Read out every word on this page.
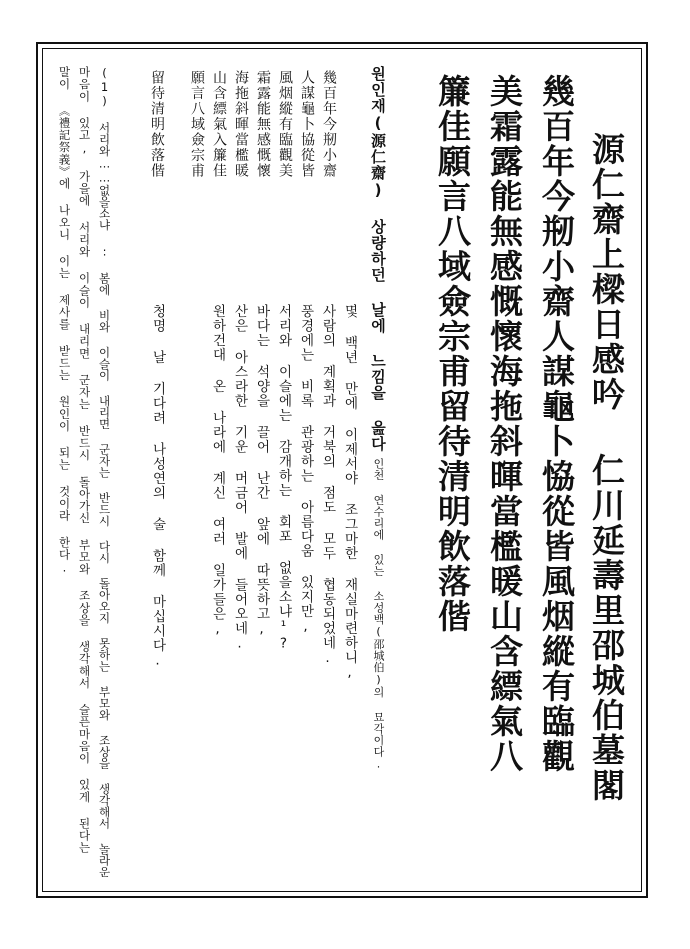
源仁齋上樑日感吟 仁川延壽里邵城伯墓閣
幾百年今剏小齋人謀龜卜恊從皆風烟縱有臨觀
美霜露能無感慨懷海拖斜暉當檻暖山含縹氣八
簾佳願言八域僉宗甫留待清明飲落偕
원인재(源仁齋) 상량하던 날에 느낌을 읊다인천 연수리에 있는 소성백(邵城伯)의 묘각이다.
몇 백년 만에 이제서야 조그마한 재실마련하니,
사람의 계획과 거북의 점도 모두 협동되었네.
풍경에는 비록 관광하는 아름다움 있지만,
서리와 이슬에는 감개하는 회포 없을소냐¹?
바다는 석양을 끌어 난간 앞에 따뜻하고,
산은 아스라한 기운 머금어 발에 들어오네.
원하건대 온 나라에 계신 여러 일가들은,
청명 날 기다려 나성연의 술 함께 마십시다.
幾百年今剏小齋
人謀龜卜協從皆
風烟縱有臨觀美
霜露能無感慨懷
海拖斜暉當檻暖
山含縹氣入簾佳
願言八域僉宗甫
留待清明飲落偕
(1) 서리와……없을소냐 : 봄에 비와 이슬이 내리면 군자는 반드시 다시 돌아오지 못하는 부모와 조상을 생각해서 놀라운
마음이 있고, 가을에 서리와 이슬이 내리면 군자는 반드시 돌아가신 부모와 조상을 생각해서 슬픈마음이 있게 된다는
말이 《禮記祭義》에 나오니 이는 제사를 받드는 원인이 되는 것이라 한다.
